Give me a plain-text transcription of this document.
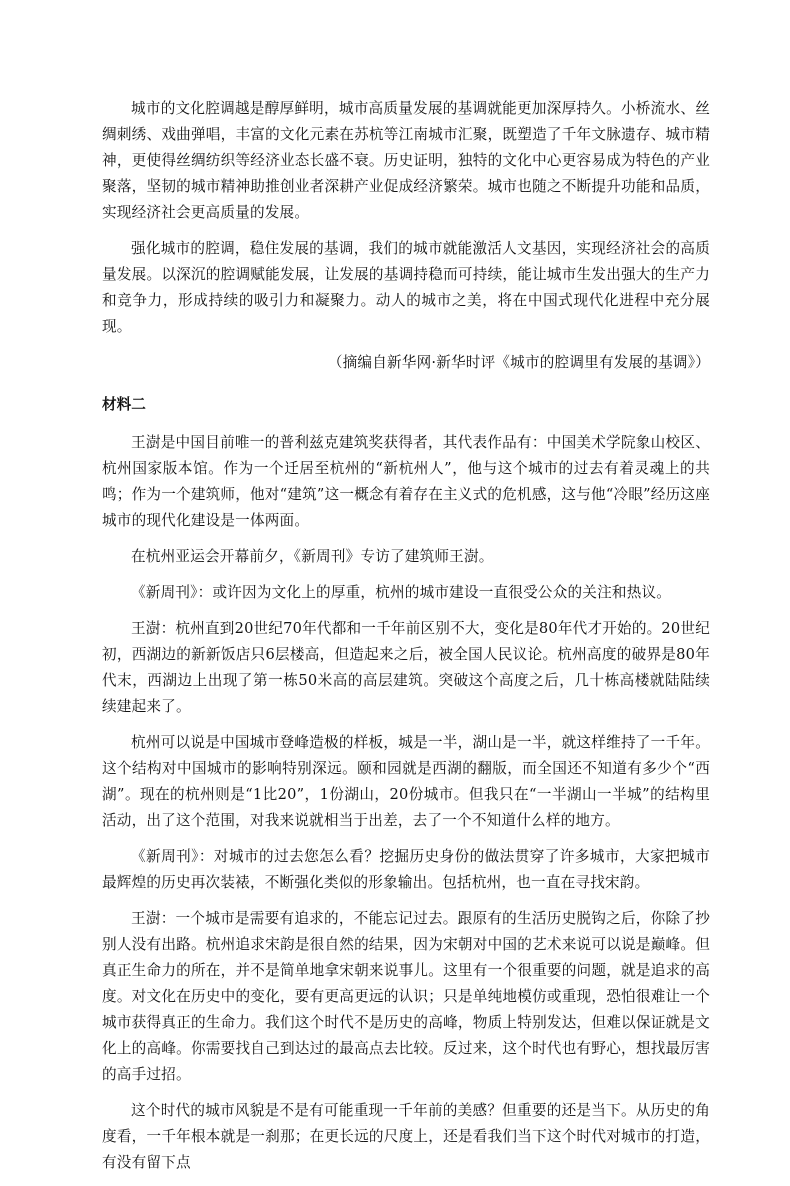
城市的文化腔调越是醇厚鲜明，城市高质量发展的基调就能更加深厚持久。小桥流水、丝绸刺绣、戏曲弹唱，丰富的文化元素在苏杭等江南城市汇聚，既塑造了千年文脉遗存、城市精神，更使得丝绸纺织等经济业态长盛不衰。历史证明，独特的文化中心更容易成为特色的产业聚落，坚韧的城市精神助推创业者深耕产业促成经济繁荣。城市也随之不断提升功能和品质，实现经济社会更高质量的发展。

强化城市的腔调，稳住发展的基调，我们的城市就能激活人文基因，实现经济社会的高质量发展。以深沉的腔调赋能发展，让发展的基调持稳而可持续，能让城市生发出强大的生产力和竞争力，形成持续的吸引力和凝聚力。动人的城市之美，将在中国式现代化进程中充分展现。

（摘编自新华网·新华时评《城市的腔调里有发展的基调》）

材料二

王澍是中国目前唯一的普利兹克建筑奖获得者，其代表作品有：中国美术学院象山校区、杭州国家版本馆。作为一个迁居至杭州的“新杭州人”，他与这个城市的过去有着灵魂上的共鸣；作为一个建筑师，他对“建筑”这一概念有着存在主义式的危机感，这与他“冷眼”经历这座城市的现代化建设是一体两面。

在杭州亚运会开幕前夕，《新周刊》专访了建筑师王澍。

《新周刊》：或许因为文化上的厚重，杭州的城市建设一直很受公众的关注和热议。

王澍：杭州直到20世纪70年代都和一千年前区别不大，变化是80年代才开始的。20世纪初，西湖边的新新饭店只6层楼高，但造起来之后，被全国人民议论。杭州高度的破界是80年代末，西湖边上出现了第一栋50米高的高层建筑。突破这个高度之后，几十栋高楼就陆陆续续建起来了。

杭州可以说是中国城市登峰造极的样板，城是一半，湖山是一半，就这样维持了一千年。这个结构对中国城市的影响特别深远。颐和园就是西湖的翻版，而全国还不知道有多少个“西湖”。现在的杭州则是“1比20”，1份湖山，20份城市。但我只在“一半湖山一半城”的结构里活动，出了这个范围，对我来说就相当于出差，去了一个不知道什么样的地方。

《新周刊》：对城市的过去您怎么看？挖掘历史身份的做法贯穿了许多城市，大家把城市最辉煌的历史再次装裱，不断强化类似的形象输出。包括杭州，也一直在寻找宋韵。

王澍：一个城市是需要有追求的，不能忘记过去。跟原有的生活历史脱钩之后，你除了抄别人没有出路。杭州追求宋韵是很自然的结果，因为宋朝对中国的艺术来说可以说是巅峰。但真正生命力的所在，并不是简单地拿宋朝来说事儿。这里有一个很重要的问题，就是追求的高度。对文化在历史中的变化，要有更高更远的认识；只是单纯地模仿或重现，恐怕很难让一个城市获得真正的生命力。我们这个时代不是历史的高峰，物质上特别发达，但难以保证就是文化上的高峰。你需要找自己到达过的最高点去比较。反过来，这个时代也有野心，想找最厉害的高手过招。

这个时代的城市风貌是不是有可能重现一千年前的美感？但重要的还是当下。从历史的角度看，一千年根本就是一刹那；在更长远的尺度上，还是看我们当下这个时代对城市的打造，有没有留下点
